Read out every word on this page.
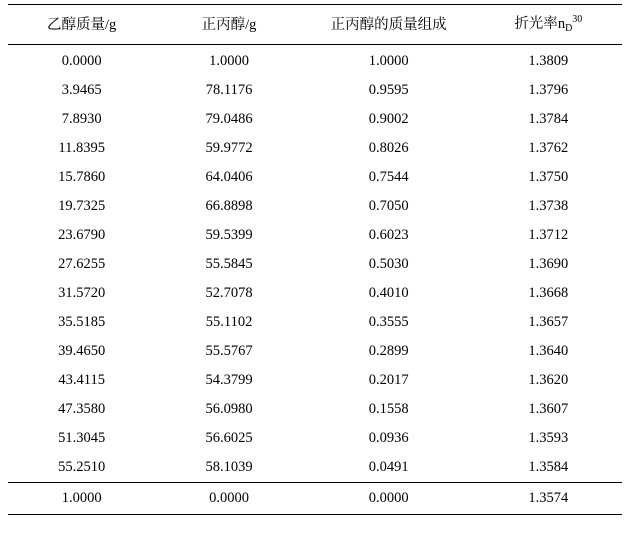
乙醇质量/g	正丙醇/g	正丙醇的质量组成	折光率$n_D^{30}$
0.0000	1.0000	1.0000	1.3809
3.9465	78.1176	0.9595	1.3796
7.8930	79.0486	0.9002	1.3784
11.8395	59.9772	0.8026	1.3762
15.7860	64.0406	0.7544	1.3750
19.7325	66.8898	0.7050	1.3738
23.6790	59.5399	0.6023	1.3712
27.6255	55.5845	0.5030	1.3690
31.5720	52.7078	0.4010	1.3668
35.5185	55.1102	0.3555	1.3657
39.4650	55.5767	0.2899	1.3640
43.4115	54.3799	0.2017	1.3620
47.3580	56.0980	0.1558	1.3607
51.3045	56.6025	0.0936	1.3593
55.2510	58.1039	0.0491	1.3584
1.0000	0.0000	0.0000	1.3574
